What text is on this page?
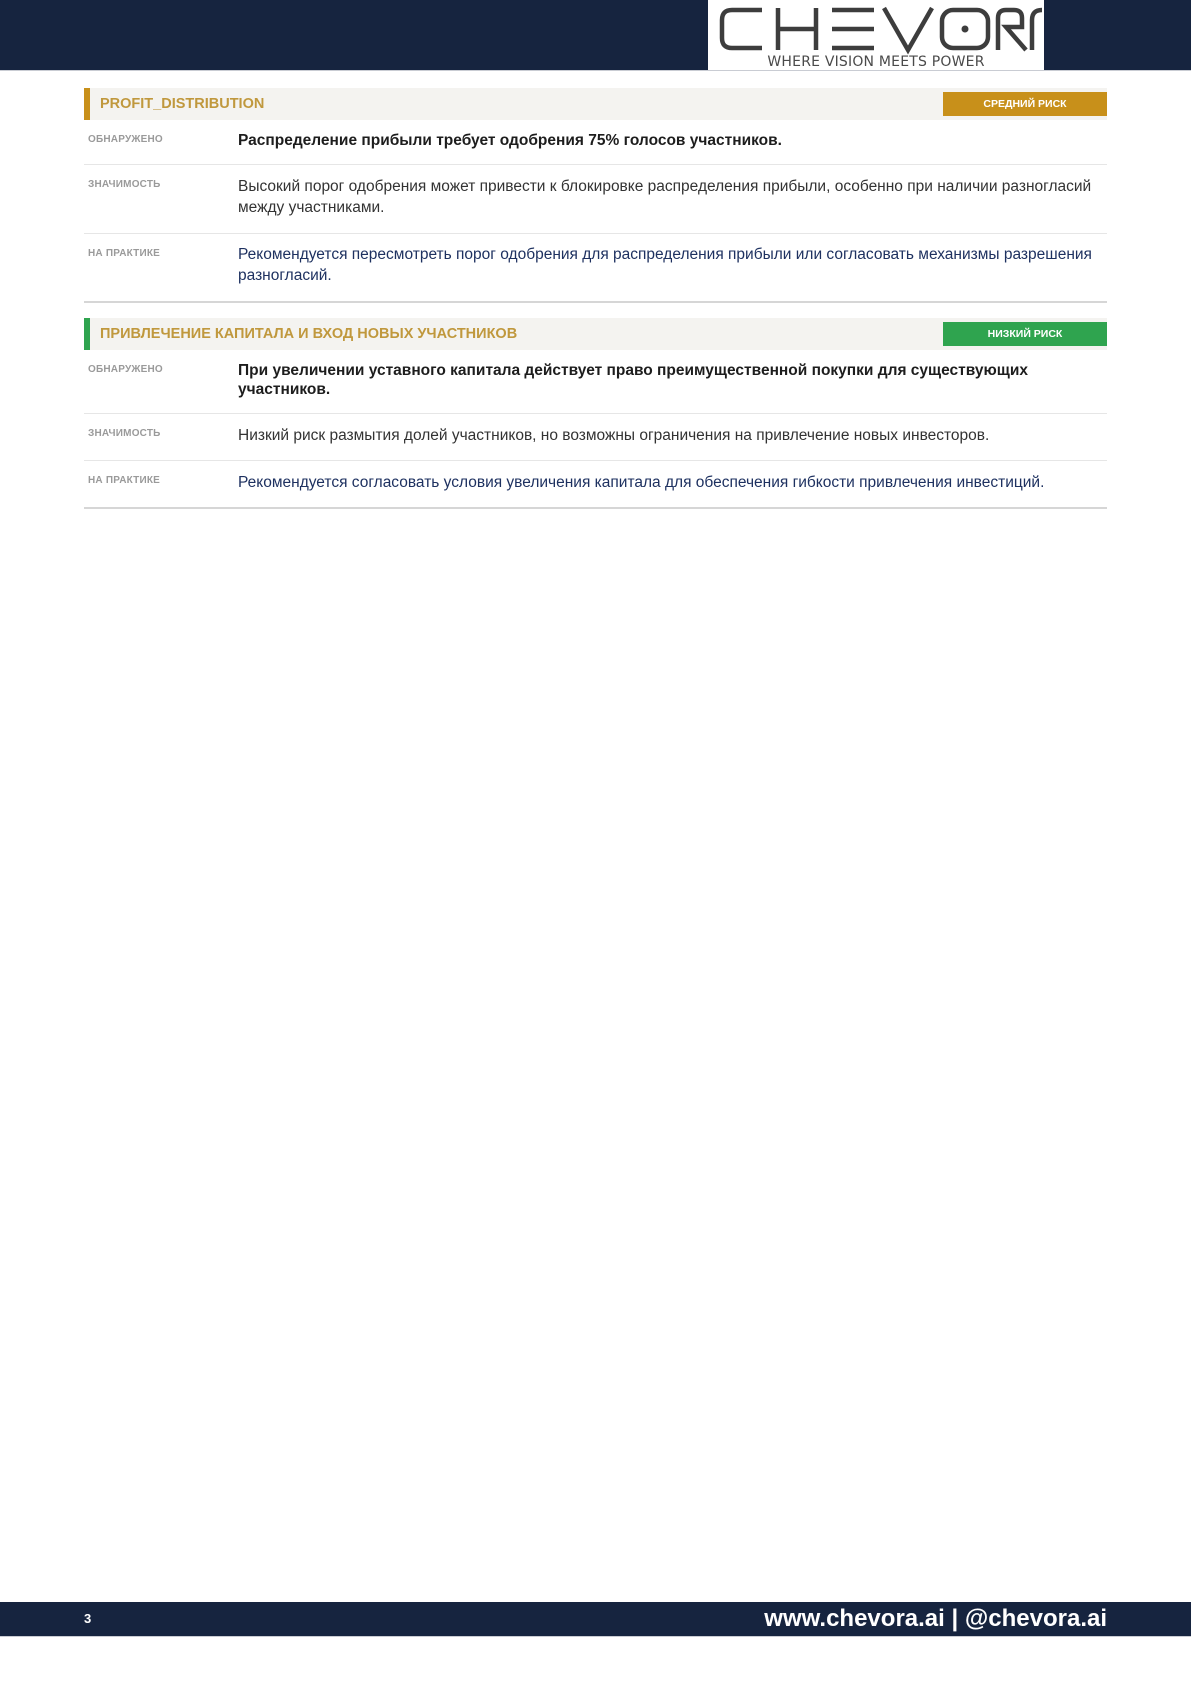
WHERE VISION MEETS POWER
PROFIT_DISTRIBUTION	СРЕДНИЙ РИСК
ОБНАРУЖЕНО	Распределение прибыли требует одобрения 75% голосов участников.
ЗНАЧИМОСТЬ	Высокий порог одобрения может привести к блокировке распределения прибыли, особенно при наличии разногласий между участниками.
НА ПРАКТИКЕ	Рекомендуется пересмотреть порог одобрения для распределения прибыли или согласовать механизмы разрешения разногласий.
ПРИВЛЕЧЕНИЕ КАПИТАЛА И ВХОД НОВЫХ УЧАСТНИКОВ	НИЗКИЙ РИСК
ОБНАРУЖЕНО	При увеличении уставного капитала действует право преимущественной покупки для существующих участников.
ЗНАЧИМОСТЬ	Низкий риск размытия долей участников, но возможны ограничения на привлечение новых инвесторов.
НА ПРАКТИКЕ	Рекомендуется согласовать условия увеличения капитала для обеспечения гибкости привлечения инвестиций.
3	www.chevora.ai | @chevora.ai
